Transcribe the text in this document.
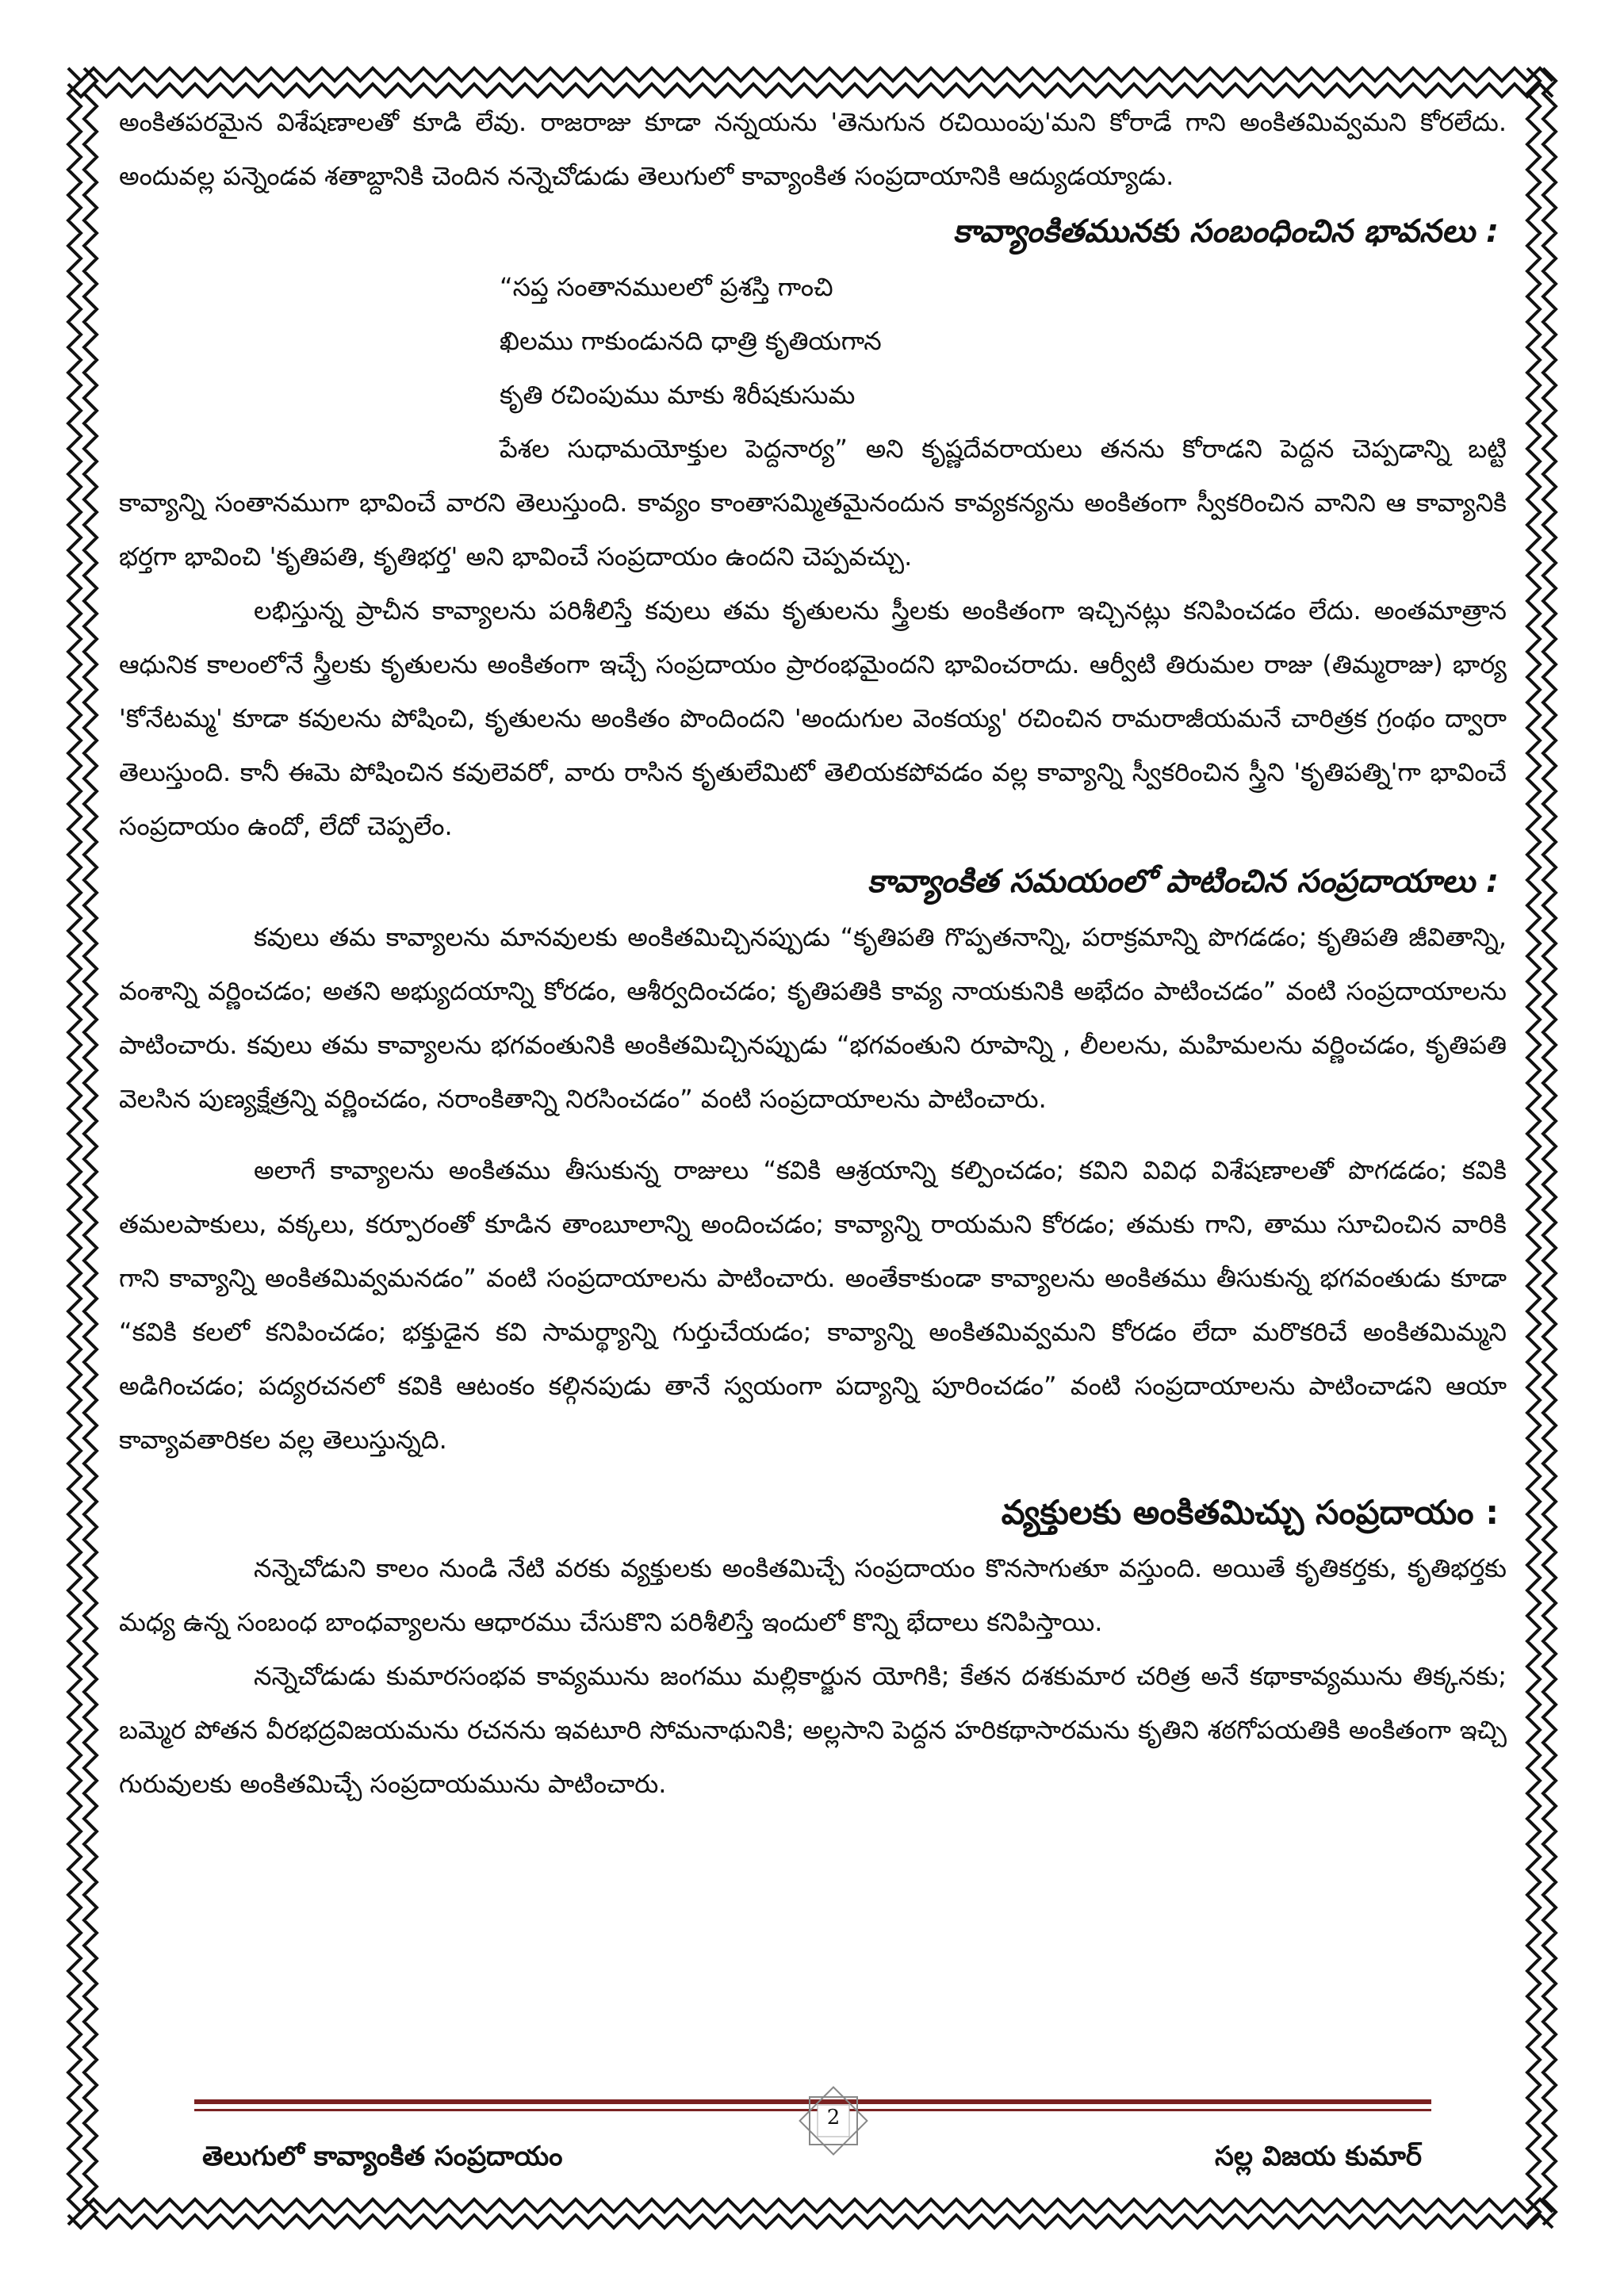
అంకితపరమైన విశేషణాలతో కూడి లేవు. రాజరాజు కూడా నన్నయను 'తెనుగున రచియింపు'మని కోరాడే గాని అంకితమివ్వమని కోరలేదు. అందువల్ల పన్నెండవ శతాబ్దానికి చెందిన నన్నెచోడుడు తెలుగులో కావ్యాంకిత సంప్రదాయానికి ఆద్యుడయ్యాడు.

కావ్యాంకితమునకు సంబంధించిన భావనలు :
“సప్త సంతానములలో ప్రశస్తి గాంచి
ఖిలము గాకుండునది ధాత్రి కృతియగాన
కృతి రచింపుము మాకు శిరీషకుసుమ

పేశల సుధామయోక్తుల పెద్దనార్య” అని కృష్ణదేవరాయలు తనను కోరాడని పెద్దన చెప్పడాన్ని బట్టి కావ్యాన్ని సంతానముగా భావించే వారని తెలుస్తుంది. కావ్యం కాంతాసమ్మితమైనందున కావ్యకన్యను అంకితంగా స్వీకరించిన వానిని ఆ కావ్యానికి భర్తగా భావించి 'కృతిపతి, కృతిభర్త' అని భావించే సంప్రదాయం ఉందని చెప్పవచ్చు.

లభిస్తున్న ప్రాచీన కావ్యాలను పరిశీలిస్తే కవులు తమ కృతులను స్త్రీలకు అంకితంగా ఇచ్చినట్లు కనిపించడం లేదు. అంతమాత్రాన ఆధునిక కాలంలోనే స్త్రీలకు కృతులను అంకితంగా ఇచ్చే సంప్రదాయం ప్రారంభమైందని భావించరాదు. ఆర్వీటి తిరుమల రాజు (తిమ్మరాజు) భార్య 'కోనేటమ్మ' కూడా కవులను పోషించి, కృతులను అంకితం పొందిందని 'అందుగుల వెంకయ్య' రచించిన రామరాజీయమనే చారిత్రక గ్రంథం ద్వారా తెలుస్తుంది. కానీ ఈమె పోషించిన కవులెవరో, వారు రాసిన కృతులేమిటో తెలియకపోవడం వల్ల కావ్యాన్ని స్వీకరించిన స్త్రీని 'కృతిపత్ని'గా భావించే సంప్రదాయం ఉందో, లేదో చెప్పలేం.

కావ్యాంకిత సమయంలో పాటించిన సంప్రదాయాలు :

కవులు తమ కావ్యాలను మానవులకు అంకితమిచ్చినప్పుడు “కృతిపతి గొప్పతనాన్ని, పరాక్రమాన్ని పొగడడం; కృతిపతి జీవితాన్ని, వంశాన్ని వర్ణించడం; అతని అభ్యుదయాన్ని కోరడం, ఆశీర్వదించడం; కృతిపతికి కావ్య నాయకునికి అభేదం పాటించడం” వంటి సంప్రదాయాలను పాటించారు. కవులు తమ కావ్యాలను భగవంతునికి అంకితమిచ్చినప్పుడు “భగవంతుని రూపాన్ని , లీలలను, మహిమలను వర్ణించడం, కృతిపతి వెలసిన పుణ్యక్షేత్రన్ని వర్ణించడం, నరాంకితాన్ని నిరసించడం” వంటి సంప్రదాయాలను పాటించారు.

అలాగే కావ్యాలను అంకితము తీసుకున్న రాజులు “కవికి ఆశ్రయాన్ని కల్పించడం; కవిని వివిధ విశేషణాలతో పొగడడం; కవికి తమలపాకులు, వక్కలు, కర్పూరంతో కూడిన తాంబూలాన్ని అందించడం; కావ్యాన్ని రాయమని కోరడం; తమకు గాని, తాము సూచించిన వారికి గాని కావ్యాన్ని అంకితమివ్వమనడం” వంటి సంప్రదాయాలను పాటించారు. అంతేకాకుండా కావ్యాలను అంకితము తీసుకున్న భగవంతుడు కూడా “కవికి కలలో కనిపించడం; భక్తుడైన కవి సామర్థ్యాన్ని గుర్తుచేయడం; కావ్యాన్ని అంకితమివ్వమని కోరడం లేదా మరొకరిచే అంకితమిమ్మని అడిగించడం; పద్యరచనలో కవికి ఆటంకం కల్గినపుడు తానే స్వయంగా పద్యాన్ని పూరించడం” వంటి సంప్రదాయాలను పాటించాడని ఆయా కావ్యావతారికల వల్ల తెలుస్తున్నది.

వ్యక్తులకు అంకితమిచ్చు సంప్రదాయం :

నన్నెచోడుని కాలం నుండి నేటి వరకు వ్యక్తులకు అంకితమిచ్చే సంప్రదాయం కొనసాగుతూ వస్తుంది. అయితే కృతికర్తకు, కృతిభర్తకు మధ్య ఉన్న సంబంధ బాంధవ్యాలను ఆధారము చేసుకొని పరిశీలిస్తే ఇందులో కొన్ని భేదాలు కనిపిస్తాయి.

నన్నెచోడుడు కుమారసంభవ కావ్యమును జంగము మల్లికార్జున యోగికి; కేతన దశకుమార చరిత్ర అనే కథాకావ్యమును తిక్కనకు; బమ్మెర పోతన వీరభద్రవిజయమను రచనను ఇవటూరి సోమనాథునికి; అల్లసాని పెద్దన హరికథాసారమను కృతిని శఠగోపయతికి అంకితంగా ఇచ్చి గురువులకు అంకితమిచ్చే సంప్రదాయమును పాటించారు.

2
తెలుగులో కావ్యాంకిత సంప్రదాయం	సల్ల విజయ కుమార్
